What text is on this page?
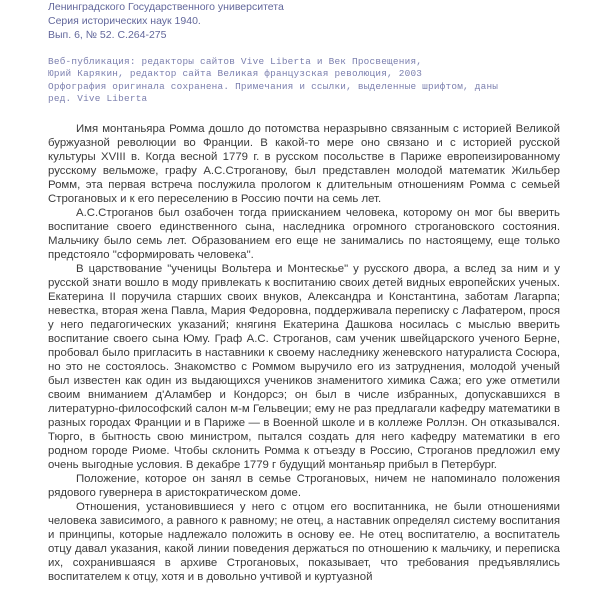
Ленинградского Государственного университета
Серия исторических наук 1940.
Вып. 6, № 52. С.264-275
Веб-публикация: редакторы сайтов Vive Liberta и Век Просвещения,
Юрий Карякин, редактор сайта Великая французская революция, 2003
Орфография оригинала сохранена. Примечания и ссылки, выделенные шрифтом, даны
ред. Vive Liberta

Имя монтаньяра Ромма дошло до потомства неразрывно связанным с историей Великой буржуазной революции во Франции. В какой-то мере оно связано и с историей русской культуры XVIII в. Когда весной 1779 г. в русском посольстве в Париже европеизированному русскому вельможе, графу А.С.Строганову, был представлен молодой математик Жильбер Ромм, эта первая встреча послужила прологом к длительным отношениям Ромма с семьей Строгановых и к его переселению в Россию почти на семь лет.

А.С.Строганов был озабочен тогда приисканием человека, которому он мог бы вверить воспитание своего единственного сына, наследника огромного строгановского состояния. Мальчику было семь лет. Образованием его еще не занимались по настоящему, еще только предстояло "сформировать человека".

В царствование "ученицы Вольтера и Монтескье" у русского двора, а вслед за ним и у русской знати вошло в моду привлекать к воспитанию своих детей видных европейских ученых. Екатерина II поручила старших своих внуков, Александра и Константина, заботам Лагарпа; невестка, вторая жена Павла, Мария Федоровна, поддерживала переписку с Лафатером, прося у него педагогических указаний; княгиня Екатерина Дашкова носилась с мыслью вверить воспитание своего сына Юму. Граф А.С. Строганов, сам ученик швейцарского ученого Берне, пробовал было пригласить в наставники к своему наследнику женевского натуралиста Сосюра, но это не состоялось. Знакомство с Роммом выручило его из затруднения, молодой ученый был известен как один из выдающихся учеников знаменитого химика Сажа; его уже отметили своим вниманием д'Аламбер и Кондорсэ; он был в числе избранных, допускавшихся в литературно-философский салон м-м Гельвеции; ему не раз предлагали кафедру математики в разных городах Франции и в Париже — в Военной школе и в коллеже Роллэн. Он отказывался. Тюрго, в бытность свою министром, пытался создать для него кафедру математики в его родном городе Риоме. Чтобы склонить Ромма к отъезду в Россию, Строганов предложил ему очень выгодные условия. В декабре 1779 г будущий монтаньяр прибыл в Петербург.

Положение, которое он занял в семье Строгановых, ничем не напоминало положения рядового гувернера в аристократическом доме.

Отношения, установившиеся у него с отцом его воспитанника, не были отношениями человека зависимого, а равного к равному; не отец, а наставник определял систему воспитания и принципы, которые надлежало положить в основу ее. Не отец воспитателю, а воспитатель отцу давал указания, какой линии поведения держаться по отношению к мальчику, и переписка их, сохранившаяся в архиве Строгановых, показывает, что требования предъявлялись воспитателем к отцу, хотя и в довольно учтивой и куртуазной
